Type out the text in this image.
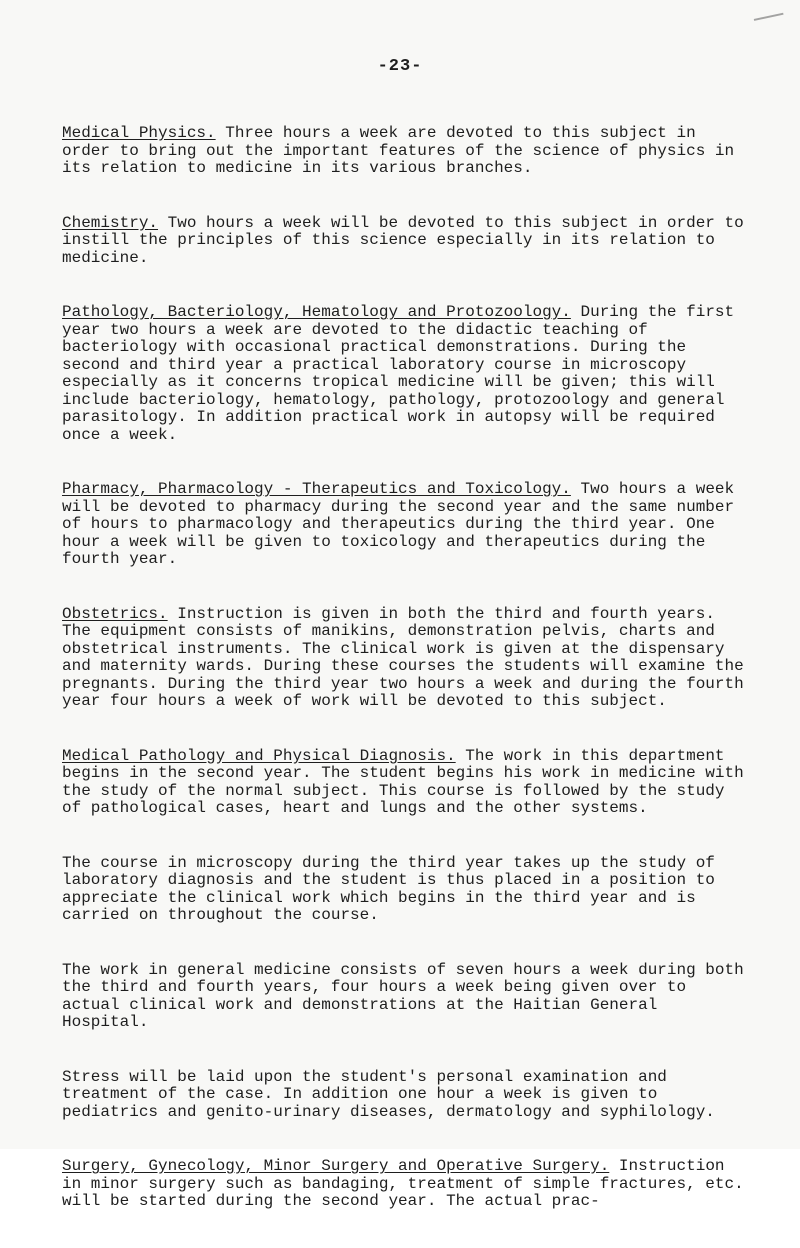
-23-

Medical Physics. Three hours a week are devoted to this subject in order to bring out the important features of the science of physics in its relation to medicine in its various branches.

Chemistry. Two hours a week will be devoted to this subject in order to instill the principles of this science especially in its relation to medicine.

Pathology, Bacteriology, Hematology and Protozoology. During the first year two hours a week are devoted to the didactic teaching of bacteriology with occasional practical demonstrations. During the second and third year a practical laboratory course in microscopy especially as it concerns tropical medicine will be given; this will include bacteriology, hematology, pathology, protozoology and general parasitology. In addition practical work in autopsy will be required once a week.

Pharmacy, Pharmacology - Therapeutics and Toxicology. Two hours a week will be devoted to pharmacy during the second year and the same number of hours to pharmacology and therapeutics during the third year. One hour a week will be given to toxicology and therapeutics during the fourth year.

Obstetrics. Instruction is given in both the third and fourth years. The equipment consists of manikins, demonstration pelvis, charts and obstetrical instruments. The clinical work is given at the dispensary and maternity wards. During these courses the students will examine the pregnants. During the third year two hours a week and during the fourth year four hours a week of work will be devoted to this subject.

Medical Pathology and Physical Diagnosis. The work in this department begins in the second year. The student begins his work in medicine with the study of the normal subject. This course is followed by the study of pathological cases, heart and lungs and the other systems.

The course in microscopy during the third year takes up the study of laboratory diagnosis and the student is thus placed in a position to appreciate the clinical work which begins in the third year and is carried on throughout the course.

The work in general medicine consists of seven hours a week during both the third and fourth years, four hours a week being given over to actual clinical work and demonstrations at the Haitian General Hospital.

Stress will be laid upon the student's personal examination and treatment of the case. In addition one hour a week is given to pediatrics and genito-urinary diseases, dermatology and syphilology.

Surgery, Gynecology, Minor Surgery and Operative Surgery. Instruction in minor surgery such as bandaging, treatment of simple fractures, etc. will be started during the second year. The actual prac-
